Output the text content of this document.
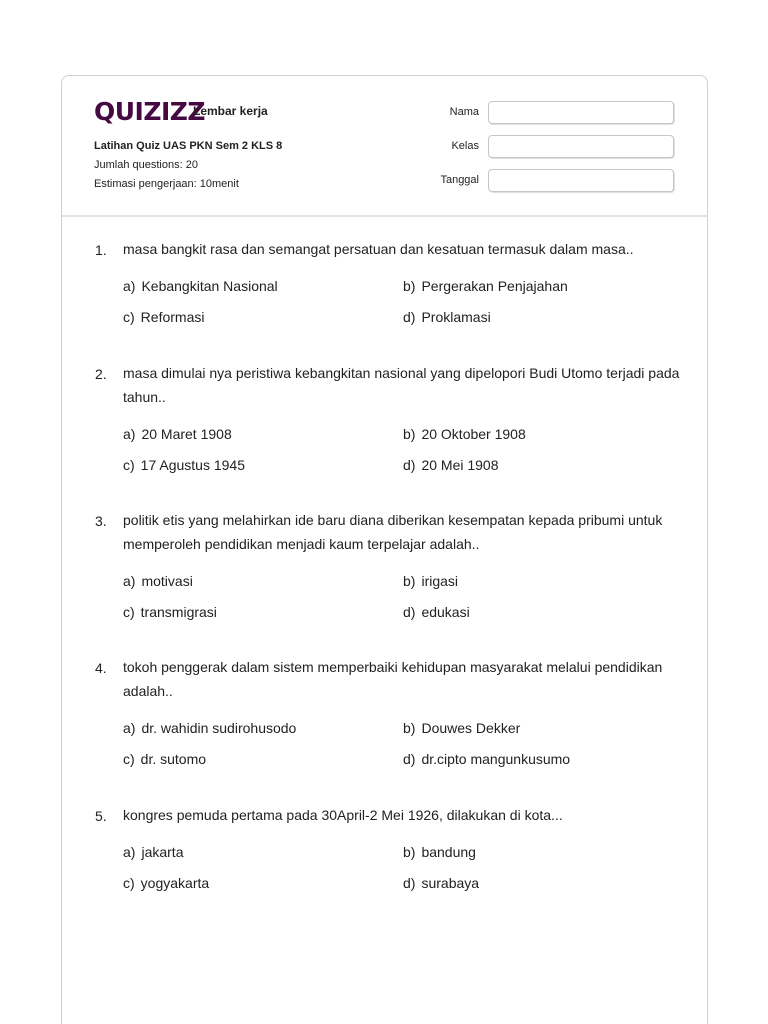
QUIZIZZ
Lembar kerja
Latihan Quiz UAS PKN Sem 2 KLS 8
Jumlah questions: 20
Estimasi pengerjaan: 10menit
Nama
Kelas
Tanggal
1. masa bangkit rasa dan semangat persatuan dan kesatuan termasuk dalam masa..
a) Kebangkitan Nasional	b) Pergerakan Penjajahan
c) Reformasi	d) Proklamasi
2. masa dimulai nya peristiwa kebangkitan nasional yang dipelopori Budi Utomo terjadi pada tahun..
a) 20 Maret 1908	b) 20 Oktober 1908
c) 17 Agustus 1945	d) 20 Mei 1908
3. politik etis yang melahirkan ide baru diana diberikan kesempatan kepada pribumi untuk memperoleh pendidikan menjadi kaum terpelajar adalah..
a) motivasi	b) irigasi
c) transmigrasi	d) edukasi
4. tokoh penggerak dalam sistem memperbaiki kehidupan masyarakat melalui pendidikan adalah..
a) dr. wahidin sudirohusodo	b) Douwes Dekker
c) dr. sutomo	d) dr.cipto mangunkusumo
5. kongres pemuda pertama pada 30April-2 Mei 1926, dilakukan di kota...
a) jakarta	b) bandung
c) yogyakarta	d) surabaya
